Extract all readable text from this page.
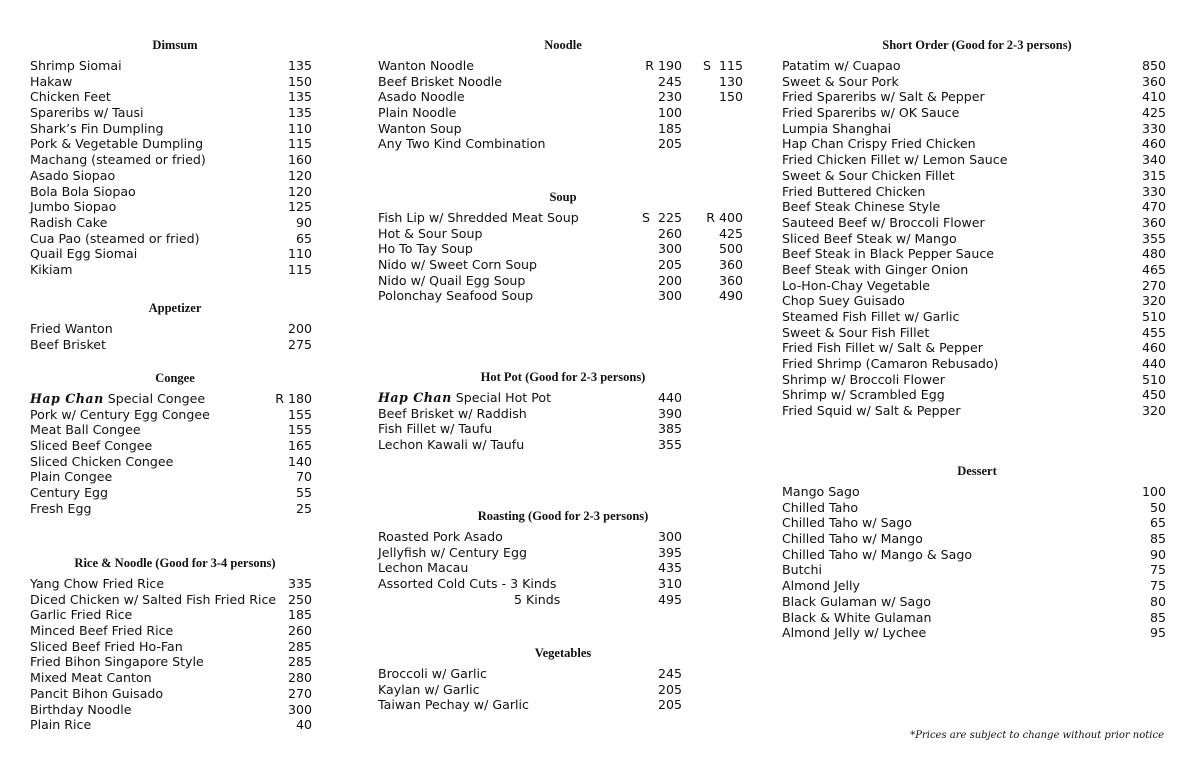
Dimsum
Shrimp Siomai	135
Hakaw	150
Chicken Feet	135
Spareribs w/ Tausi	135
Shark’s Fin Dumpling	110
Pork & Vegetable Dumpling	115
Machang (steamed or fried)	160
Asado Siopao	120
Bola Bola Siopao	120
Jumbo Siopao	125
Radish Cake	90
Cua Pao (steamed or fried)	65
Quail Egg Siomai	110
Kikiam	115
Appetizer
Fried Wanton	200
Beef Brisket	275
Congee
Hap Chan Special Congee	R 180
Pork w/ Century Egg Congee	155
Meat Ball Congee	155
Sliced Beef Congee	165
Sliced Chicken Congee	140
Plain Congee	70
Century Egg	55
Fresh Egg	25
Rice & Noodle (Good for 3-4 persons)
Yang Chow Fried Rice	335
Diced Chicken w/ Salted Fish Fried Rice 250
Garlic Fried Rice	185
Minced Beef Fried Rice	260
Sliced Beef Fried Ho-Fan	285
Fried Bihon Singapore Style	285
Mixed Meat Canton	280
Pancit Bihon Guisado	270
Birthday Noodle	300
Plain Rice	40
Noodle
Wanton Noodle	R 190	S  115
Beef Brisket Noodle	245	130
Asado Noodle	230	150
Plain Noodle	100
Wanton Soup	185
Any Two Kind Combination	205
Soup
Fish Lip w/ Shredded Meat Soup	S  225	R 400
Hot & Sour Soup	260	425
Ho To Tay Soup	300	500
Nido w/ Sweet Corn Soup	205	360
Nido w/ Quail Egg Soup	200	360
Polonchay Seafood Soup	300	490
Hot Pot (Good for 2-3 persons)
Hap Chan Special Hot Pot	440
Beef Brisket w/ Raddish	390
Fish Fillet w/ Taufu	385
Lechon Kawali w/ Taufu	355
Roasting (Good for 2-3 persons)
Roasted Pork Asado	300
Jellyfish w/ Century Egg	395
Lechon Macau	435
Assorted Cold Cuts - 3 Kinds	310
5 Kinds	495
Vegetables
Broccoli w/ Garlic	245
Kaylan w/ Garlic	205
Taiwan Pechay w/ Garlic	205
Short Order (Good for 2-3 persons)
Patatim w/ Cuapao	850
Sweet & Sour Pork	360
Fried Spareribs w/ Salt & Pepper	410
Fried Spareribs w/ OK Sauce	425
Lumpia Shanghai	330
Hap Chan Crispy Fried Chicken	460
Fried Chicken Fillet w/ Lemon Sauce	340
Sweet & Sour Chicken Fillet	315
Fried Buttered Chicken	330
Beef Steak Chinese Style	470
Sauteed Beef w/ Broccoli Flower	360
Sliced Beef Steak w/ Mango	355
Beef Steak in Black Pepper Sauce	480
Beef Steak with Ginger Onion	465
Lo-Hon-Chay Vegetable	270
Chop Suey Guisado	320
Steamed Fish Fillet w/ Garlic	510
Sweet & Sour Fish Fillet	455
Fried Fish Fillet w/ Salt & Pepper	460
Fried Shrimp (Camaron Rebusado)	440
Shrimp w/ Broccoli Flower	510
Shrimp w/ Scrambled Egg	450
Fried Squid w/ Salt & Pepper	320
Dessert
Mango Sago	100
Chilled Taho	50
Chilled Taho w/ Sago	65
Chilled Taho w/ Mango	85
Chilled Taho w/ Mango & Sago	90
Butchi	75
Almond Jelly	75
Black Gulaman w/ Sago	80
Black & White Gulaman	85
Almond Jelly w/ Lychee	95
*Prices are subject to change without prior notice
